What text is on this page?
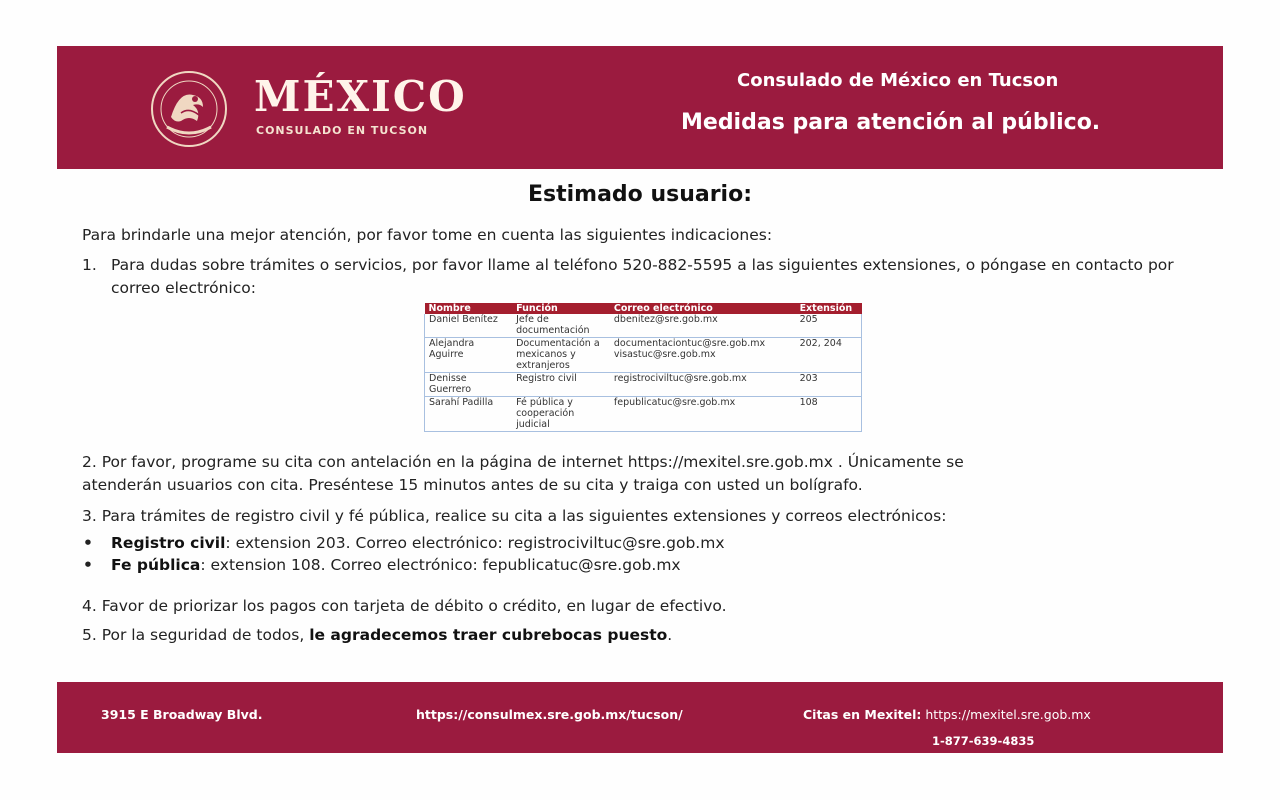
MÉXICO
CONSULADO EN TUCSON
Consulado de México en Tucson
Medidas para atención al público.
Estimado usuario:
Para brindarle una mejor atención, por favor tome en cuenta las siguientes indicaciones:
1. Para dudas sobre trámites o servicios, por favor llame al teléfono 520-882-5595 a las siguientes extensiones, o póngase en contacto por correo electrónico:
Nombre	Función	Correo electrónico	Extensión
Daniel Benítez	Jefe de documentación	dbenitez@sre.gob.mx	205
Alejandra Aguirre	Documentación a mexicanos y extranjeros	documentaciontuc@sre.gob.mx visastuc@sre.gob.mx	202, 204
Denisse Guerrero	Registro civil	registrociviltuc@sre.gob.mx	203
Sarahí Padilla	Fé pública y cooperación judicial	fepublicatuc@sre.gob.mx	108
2. Por favor, programe su cita con antelación en la página de internet https://mexitel.sre.gob.mx . Únicamente se
atenderán usuarios con cita. Preséntese 15 minutos antes de su cita y traiga con usted un bolígrafo.
3. Para trámites de registro civil y fé pública, realice su cita a las siguientes extensiones y correos electrónicos:
• Registro civil: extension 203. Correo electrónico: registrociviltuc@sre.gob.mx
• Fe pública: extension 108. Correo electrónico: fepublicatuc@sre.gob.mx
4. Favor de priorizar los pagos con tarjeta de débito o crédito, en lugar de efectivo.
5. Por la seguridad de todos, le agradecemos traer cubrebocas puesto.
3915 E Broadway Blvd.	https://consulmex.sre.gob.mx/tucson/	Citas en Mexitel: https://mexitel.sre.gob.mx
1-877-639-4835
